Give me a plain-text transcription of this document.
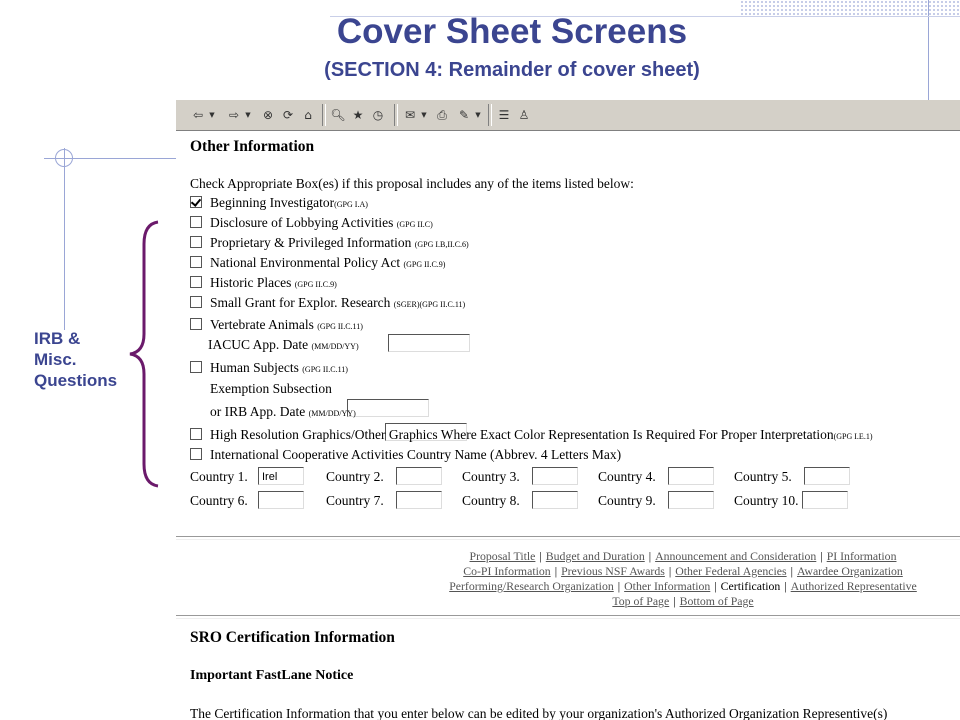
Cover Sheet Screens
(SECTION 4: Remainder of cover sheet)
IRB &
Misc.
Questions
⇦ ▼ ⇨ ▼ ⊗ ⟳ ⌂	🔍︎ ★ ◷ ✉ ▼ ⎙ ✎ ▼ ☰ ♙
Other Information
Check Appropriate Box(es) if this proposal includes any of the items listed below:
Beginning Investigator(GPG I.A)
Disclosure of Lobbying Activities (GPG II.C)
Proprietary & Privileged Information (GPG I.B,II.C.6)
National Environmental Policy Act (GPG II.C.9)
Historic Places (GPG II.C.9)
Small Grant for Explor. Research (SGER)(GPG II.C.11)
Vertebrate Animals (GPG II.C.11)
IACUC App. Date (MM/DD/YY)
Human Subjects (GPG II.C.11)
Exemption Subsection
or IRB App. Date (MM/DD/YY)
High Resolution Graphics/Other Graphics Where Exact Color Representation Is Required For Proper Interpretation(GPG I.E.1)
International Cooperative Activities Country Name (Abbrev. 4 Letters Max)
Country 1.	Irel	Country 2.	Country 3.	Country 4.	Country 5.
Country 6.	Country 7.	Country 8.	Country 9.	Country 10.
Proposal Title | Budget and Duration | Announcement and Consideration | PI Information
Co-PI Information | Previous NSF Awards | Other Federal Agencies | Awardee Organization
Performing/Research Organization | Other Information | Certification | Authorized Representative
Top of Page | Bottom of Page
SRO Certification Information
Important FastLane Notice
The Certification Information that you enter below can be edited by your organization's Authorized Organization Representive(s)
